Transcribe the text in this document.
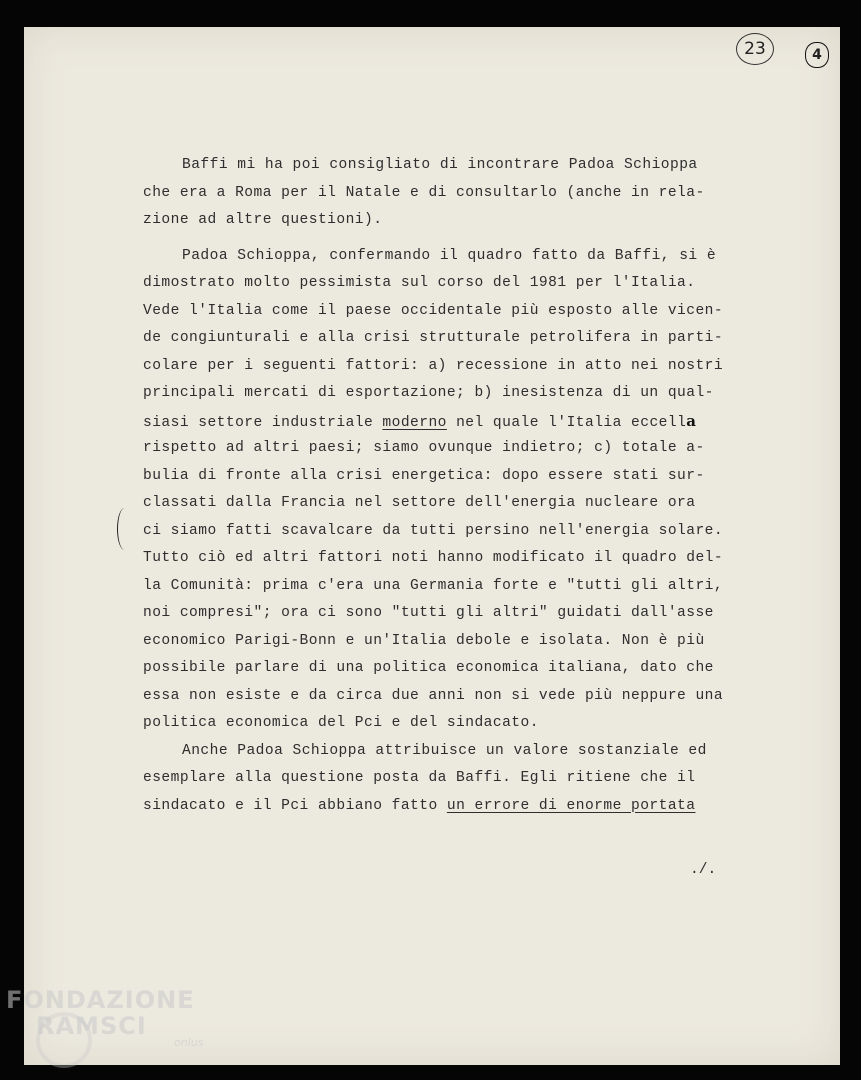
23	4
Baffi mi ha poi consigliato di incontrare Padoa Schioppa
che era a Roma per il Natale e di consultarlo (anche in rela-
zione ad altre questioni).
Padoa Schioppa, confermando il quadro fatto da Baffi, si è
dimostrato molto pessimista sul corso del 1981 per l'Italia.
Vede l'Italia come il paese occidentale più esposto alle vicen-
de congiunturali e alla crisi strutturale petrolifera in parti-
colare per i seguenti fattori: a) recessione in atto nei nostri
principali mercati di esportazione; b) inesistenza di un qual-
siasi settore industriale moderno nel quale l'Italia eccella
rispetto ad altri paesi; siamo ovunque indietro; c) totale a-
bulia di fronte alla crisi energetica: dopo essere stati sur-
classati dalla Francia nel settore dell'energia nucleare ora
ci siamo fatti scavalcare da tutti persino nell'energia solare.
Tutto ciò ed altri fattori noti hanno modificato il quadro del-
la Comunità: prima c'era una Germania forte e "tutti gli altri,
noi compresi"; ora ci sono "tutti gli altri" guidati dall'asse
economico Parigi-Bonn e un'Italia debole e isolata. Non è più
possibile parlare di una politica economica italiana, dato che
essa non esiste e da circa due anni non si vede più neppure una
politica economica del Pci e del sindacato.
Anche Padoa Schioppa attribuisce un valore sostanziale ed
esemplare alla questione posta da Baffi. Egli ritiene che il
sindacato e il Pci abbiano fatto un errore di enorme portata
./.
FONDAZIONE
RAMSCI
onlus
